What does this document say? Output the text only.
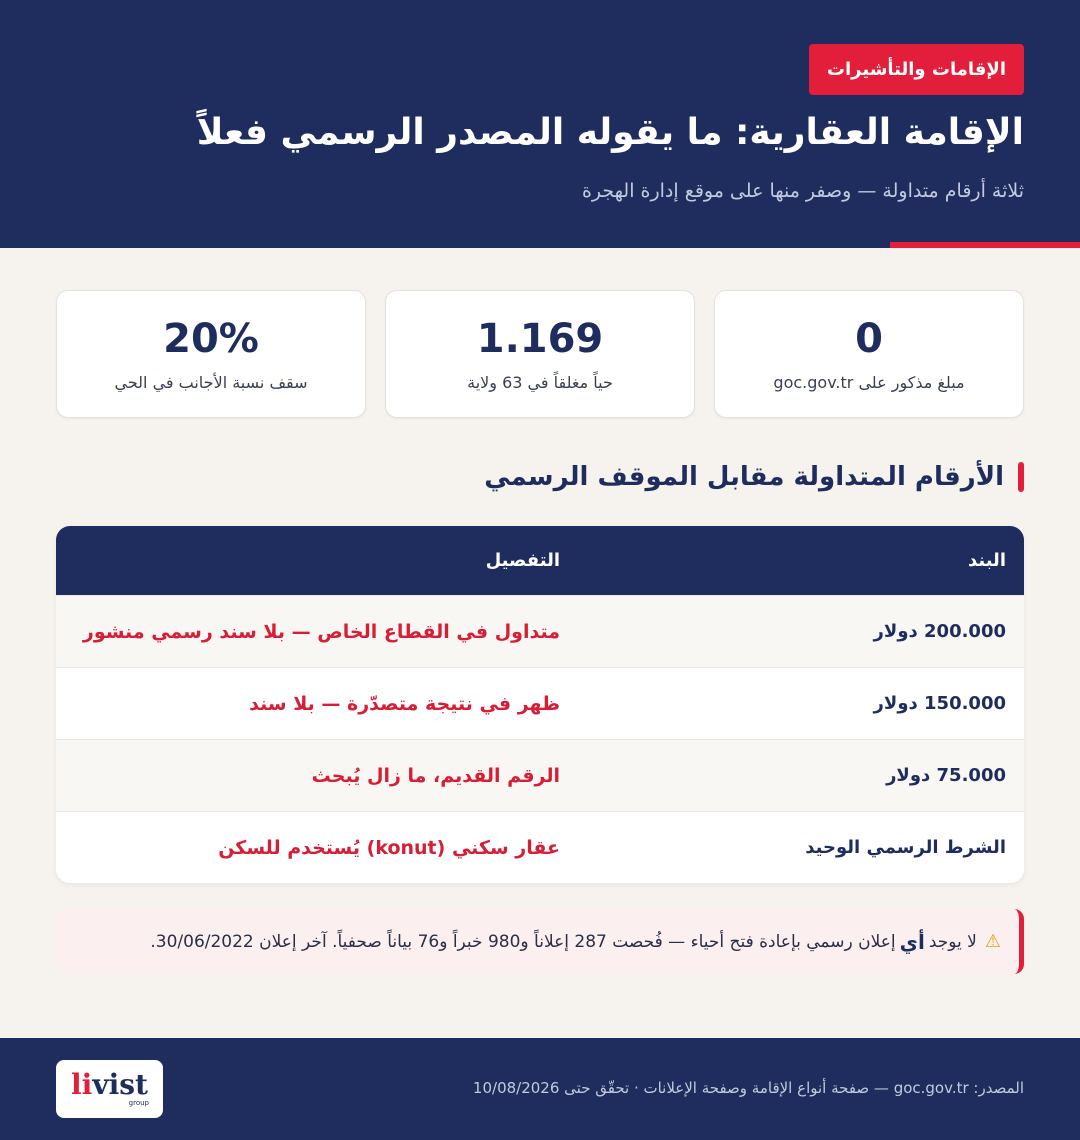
الإقامات والتأشيرات
الإقامة العقارية: ما يقوله المصدر الرسمي فعلاً

ثلاثة أرقام متداولة — وصفر منها على موقع إدارة الهجرة

0
مبلغ مذكور على goc.gov.tr
1.169
حياً مغلقاً في 63 ولاية
20%
سقف نسبة الأجانب في الحي
الأرقام المتداولة مقابل الموقف الرسمي
البند
التفصيل
200.000 دولار
متداول في القطاع الخاص — بلا سند رسمي منشور
150.000 دولار
ظهر في نتيجة متصدّرة — بلا سند
75.000 دولار
الرقم القديم، ما زال يُبحث
الشرط الرسمي الوحيد
عقار سكني (konut) يُستخدم للسكن
⚠
لا يوجد
أي
إعلان رسمي بإعادة فتح أحياء — فُحصت 287 إعلاناً و980 خبراً و76 بياناً صحفياً. آخر إعلان 30/06/2022.
المصدر: goc.gov.tr — صفحة أنواع الإقامة وصفحة الإعلانات · تحقّق حتى 10/08/2026
livist
group
